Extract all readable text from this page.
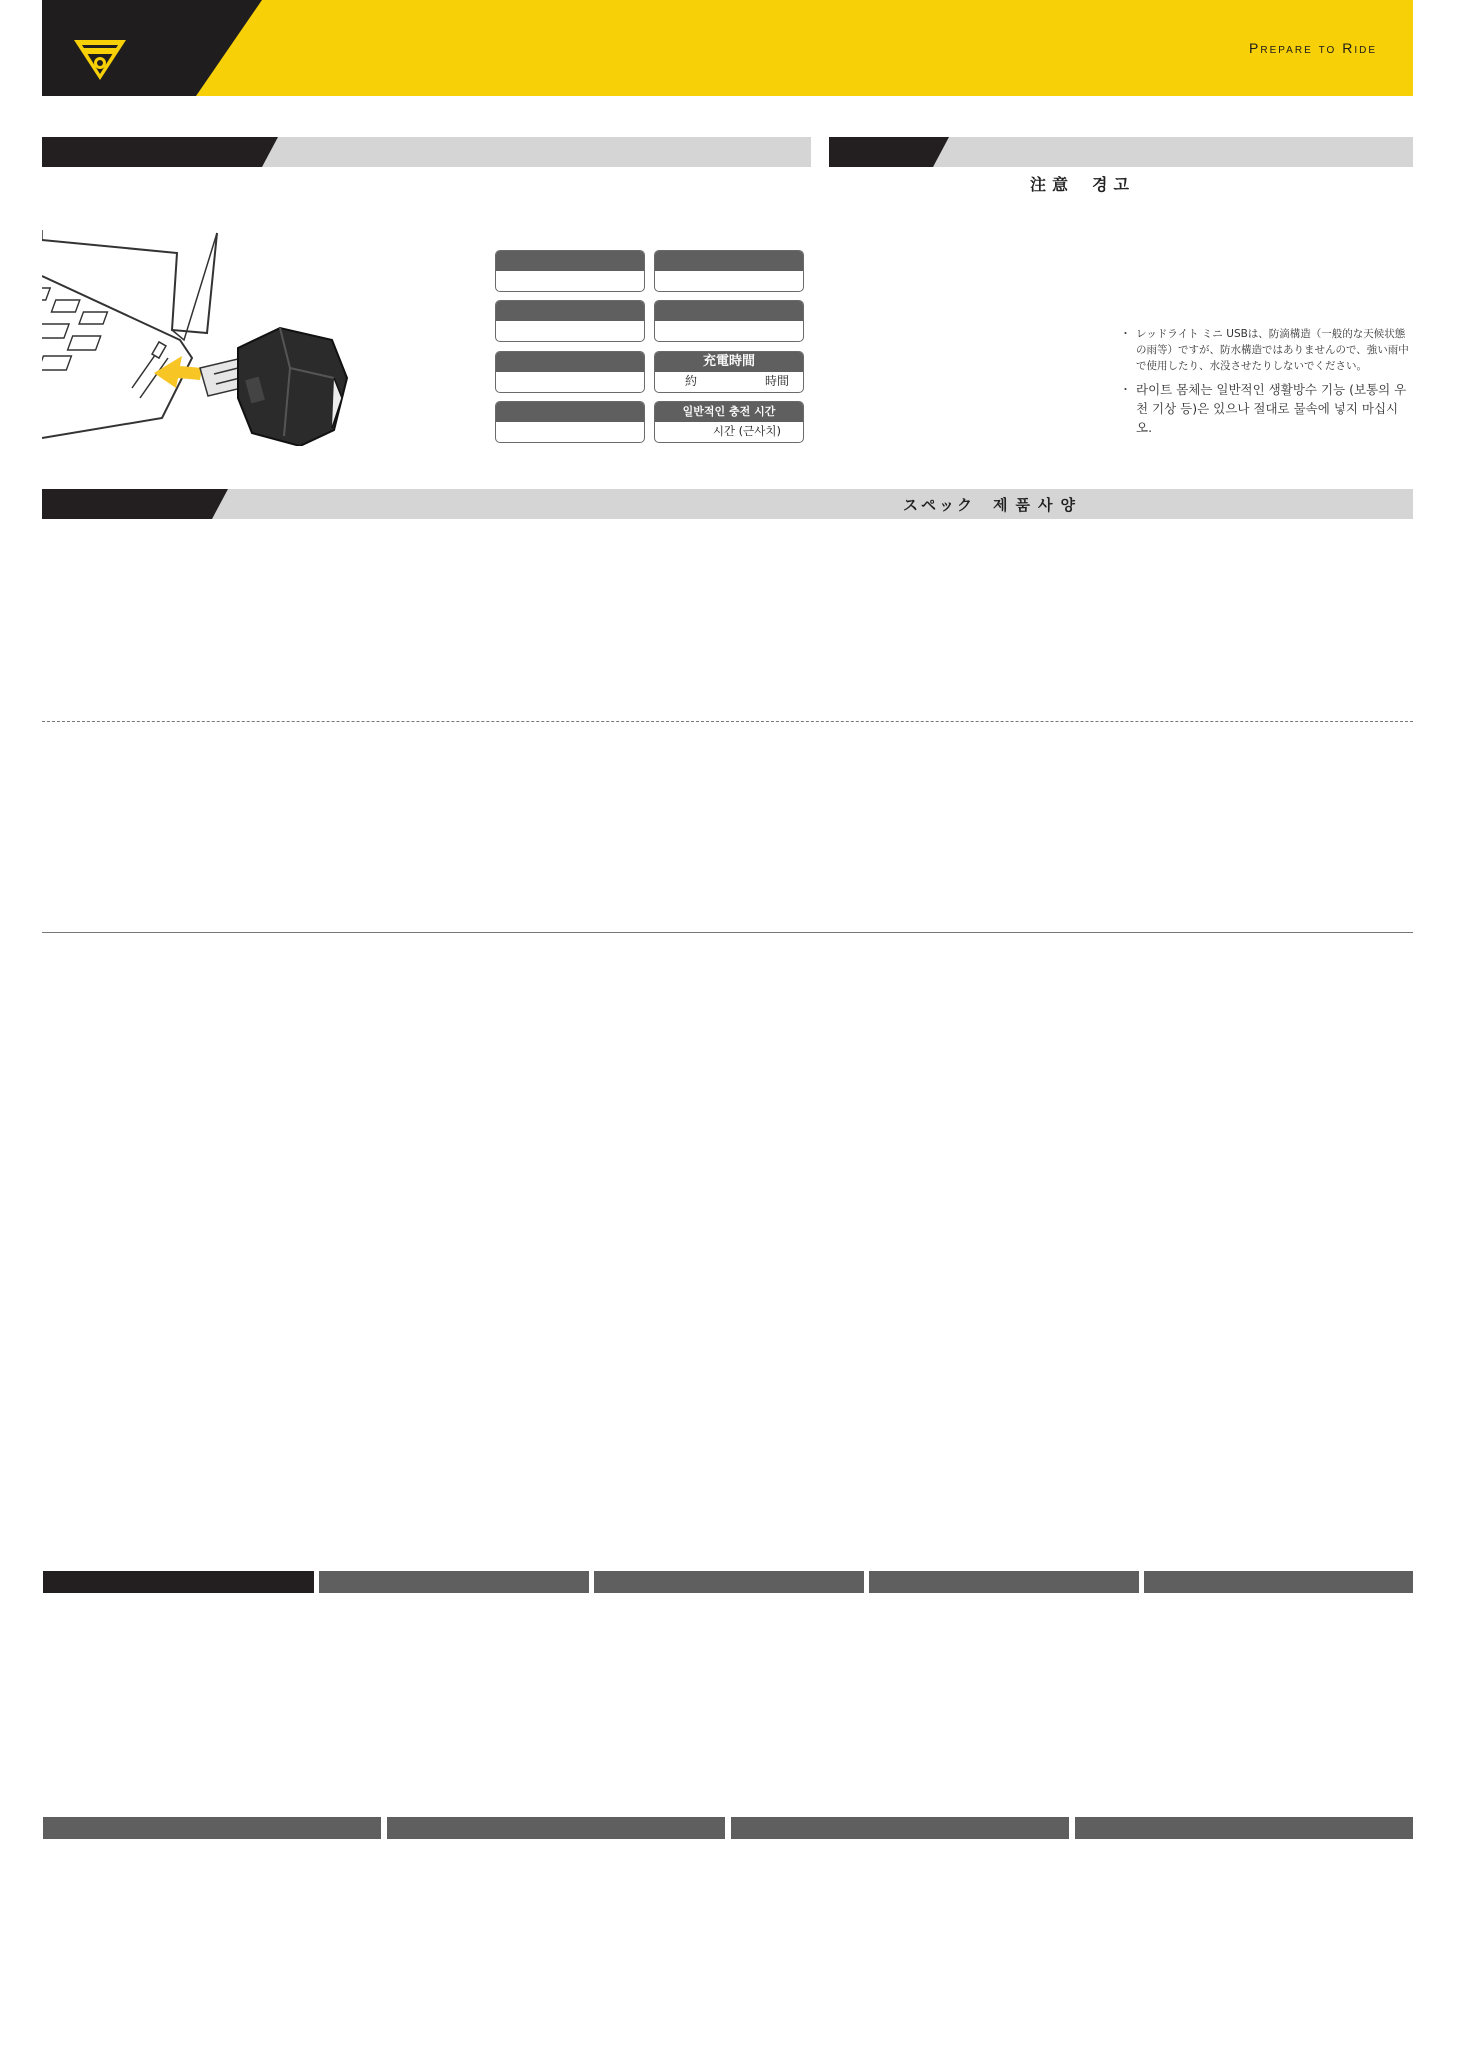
Prepare to Ride
注意 경고
充電時間
約	時間
일반적인 충전 시간
시간 (근사치)
・ レッドライト ミニ USBは、防滴構造（一般的な天候状態の雨等）ですが、防水構造ではありませんので、強い雨中で使用したり、水没させたりしないでください。
・ 라이트 몸체는 일반적인 생활방수 기능 (보통의 우천 기상 등)은 있으나 절대로 물속에 넣지 마십시오.
スペック 제품사양
